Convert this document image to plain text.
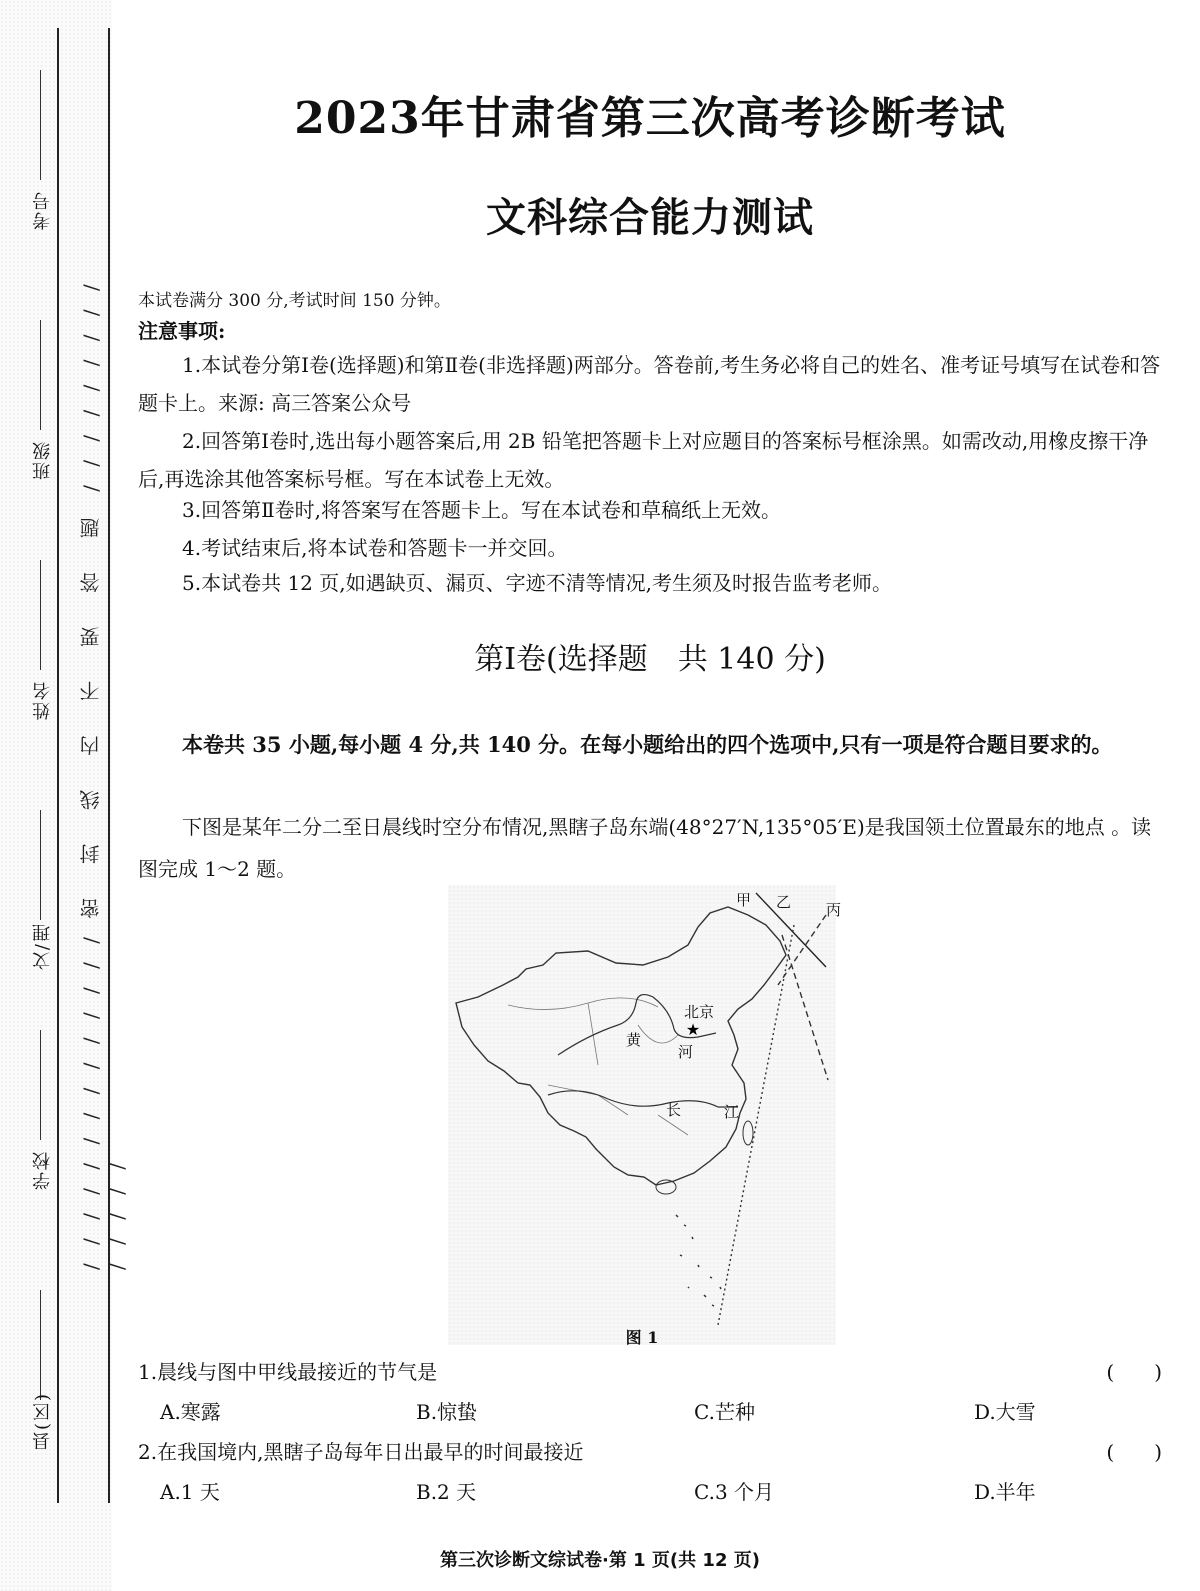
考号
班级
姓名
文/理
学校
县(区)
/ / / / / / / / / / / / / / 密 封 线 内 不 要 答 题 / / / / / / / / / / / / / /
2023年甘肃省第三次高考诊断考试
文科综合能力测试
本试卷满分 300 分,考试时间 150 分钟。
注意事项:
1.本试卷分第Ⅰ卷(选择题)和第Ⅱ卷(非选择题)两部分。答卷前,考生务必将自己的姓名、准考证号填写在试卷和答题卡上。来源: 高三答案公众号
2.回答第Ⅰ卷时,选出每小题答案后,用 2B 铅笔把答题卡上对应题目的答案标号框涂黑。如需改动,用橡皮擦干净后,再选涂其他答案标号框。写在本试卷上无效。
3.回答第Ⅱ卷时,将答案写在答题卡上。写在本试卷和草稿纸上无效。
4.考试结束后,将本试卷和答题卡一并交回。
5.本试卷共 12 页,如遇缺页、漏页、字迹不清等情况,考生须及时报告监考老师。
第Ⅰ卷(选择题　共 140 分)
本卷共 35 小题,每小题 4 分,共 140 分。在每小题给出的四个选项中,只有一项是符合题目要求的。
下图是某年二分二至日晨线时空分布情况,黑瞎子岛东端(48°27′N,135°05′E)是我国领土位置最东的地点 。读图完成 1～2 题。
★
甲 乙 丙
北京
黄
河
长	江
图 1
1.晨线与图中甲线最接近的节气是	(　　)
A.寒露	B.惊蛰	C.芒种	D.大雪
2.在我国境内,黑瞎子岛每年日出最早的时间最接近	(　　)
A.1 天	B.2 天	C.3 个月	D.半年
第三次诊断文综试卷·第 1 页(共 12 页)
